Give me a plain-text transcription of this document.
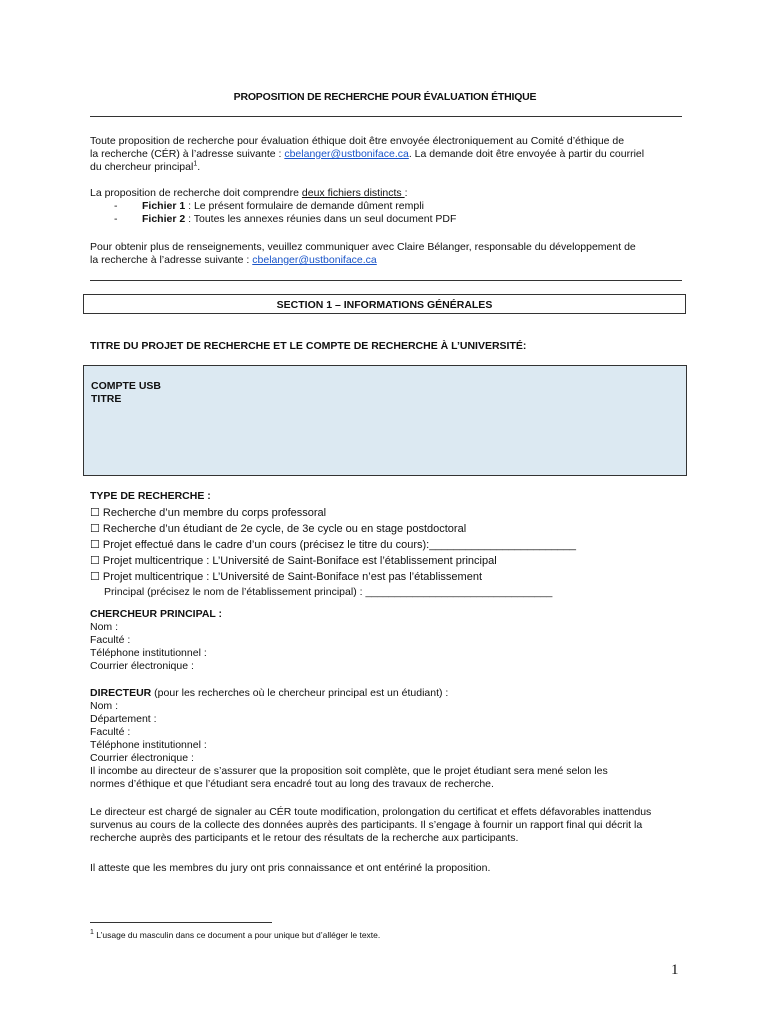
PROPOSITION DE RECHERCHE POUR ÉVALUATION ÉTHIQUE
Toute proposition de recherche pour évaluation éthique doit être envoyée électroniquement au Comité d’éthique de
la recherche (CÉR) à l’adresse suivante : cbelanger@ustboniface.ca. La demande doit être envoyée à partir du courriel
du chercheur principal$^1$.
La proposition de recherche doit comprendre deux fichiers distincts :
- Fichier 1 : Le présent formulaire de demande dûment rempli
- Fichier 2 : Toutes les annexes réunies dans un seul document PDF
Pour obtenir plus de renseignements, veuillez communiquer avec Claire Bélanger, responsable du développement de
la recherche à l’adresse suivante : cbelanger@ustboniface.ca
SECTION 1 – INFORMATIONS GÉNÉRALES
TITRE DU PROJET DE RECHERCHE ET LE COMPTE DE RECHERCHE À L’UNIVERSITÉ:
COMPTE USB
TITRE
TYPE DE RECHERCHE :
☐ Recherche d’un membre du corps professoral
☐ Recherche d’un étudiant de 2e cycle, de 3e cycle ou en stage postdoctoral
☐ Projet effectué dans le cadre d’un cours (précisez le titre du cours):________________________
☐ Projet multicentrique : L’Université de Saint-Boniface est l’établissement principal
☐ Projet multicentrique : L’Université de Saint-Boniface n’est pas l’établissement
Principal (précisez le nom de l’établissement principal) : ________________________________
CHERCHEUR PRINCIPAL :
Nom :
Faculté :
Téléphone institutionnel :
Courrier électronique :
DIRECTEUR (pour les recherches où le chercheur principal est un étudiant) :
Nom :
Département :
Faculté :
Téléphone institutionnel :
Courrier électronique :
Il incombe au directeur de s’assurer que la proposition soit complète, que le projet étudiant sera mené selon les
normes d’éthique et que l’étudiant sera encadré tout au long des travaux de recherche.
Le directeur est chargé de signaler au CÉR toute modification, prolongation du certificat et effets défavorables inattendus
survenus au cours de la collecte des données auprès des participants. Il s’engage à fournir un rapport final qui décrit la
recherche auprès des participants et le retour des résultats de la recherche aux participants.
Il atteste que les membres du jury ont pris connaissance et ont entériné la proposition.
$^1$ L’usage du masculin dans ce document a pour unique but d’alléger le texte.
1
